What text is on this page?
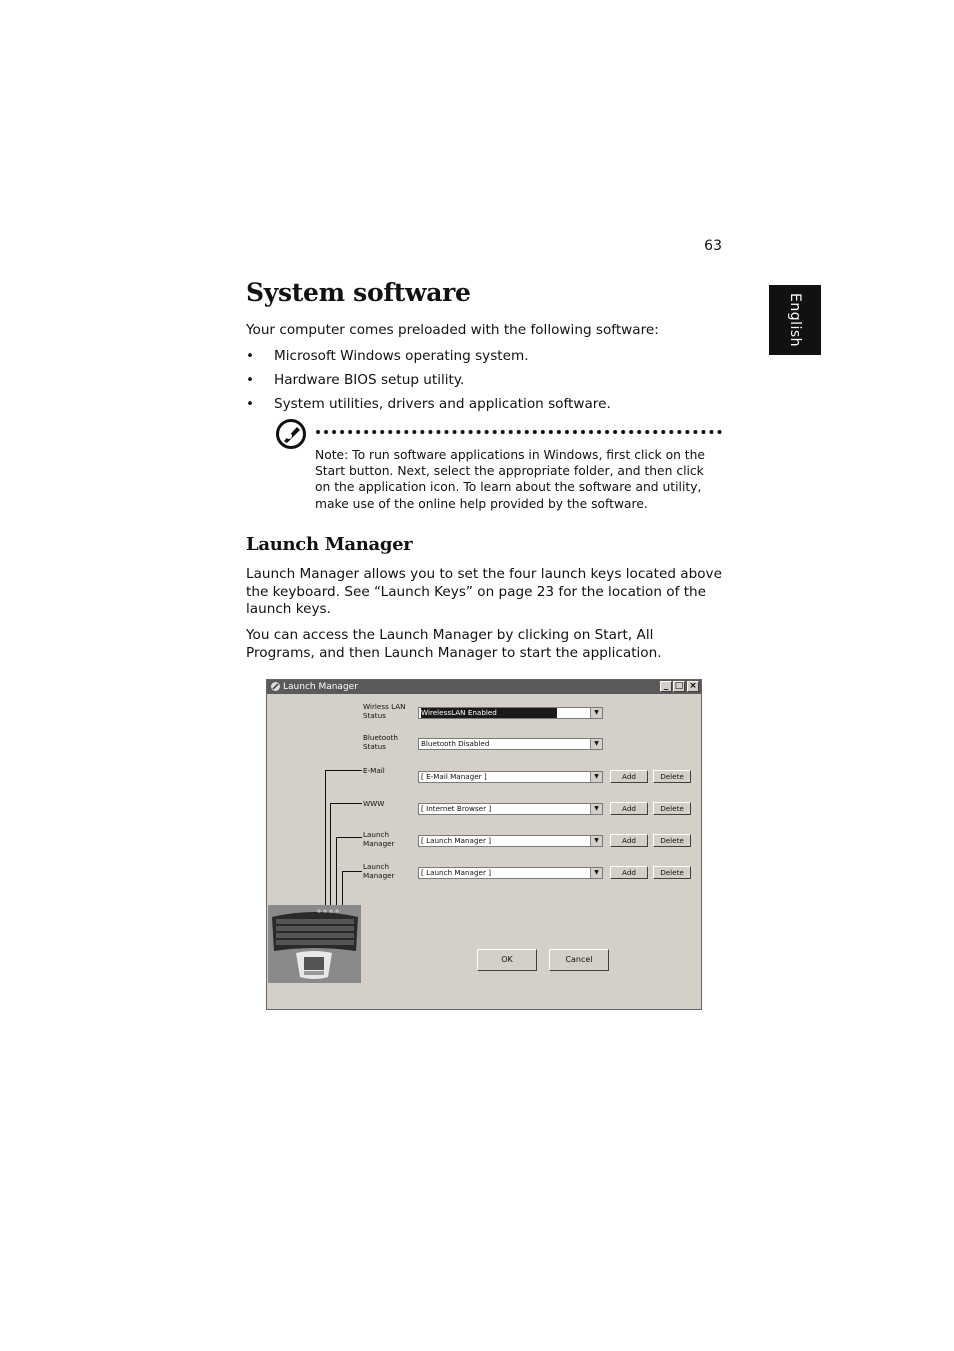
63
English
System software
Your computer comes preloaded with the following software:
• Microsoft Windows operating system.
• Hardware BIOS setup utility.
• System utilities, drivers and application software.
Note: To run software applications in Windows, first click on the Start button. Next, select the appropriate folder, and then click on the application icon. To learn about the software and utility, make use of the online help provided by the software.
Launch Manager
Launch Manager allows you to set the four launch keys located above the keyboard. See “Launch Keys” on page 23 for the location of the launch keys.
You can access the Launch Manager by clicking on Start, All Programs, and then Launch Manager to start the application.
Launch Manager	_ □ ×
Wirless LAN
Status	WirelessLAN Enabled	▼
Bluetooth
Status	Bluetooth Disabled	▼
E-Mail
[ E-Mail Manager ]	▼	Add	Delete
WWW
[ Internet Browser ]	▼	Add	Delete
Launch
Manager	[ Launch Manager ]	▼	Add	Delete
Launch
Manager	[ Launch Manager ]	▼	Add	Delete
OK	Cancel
